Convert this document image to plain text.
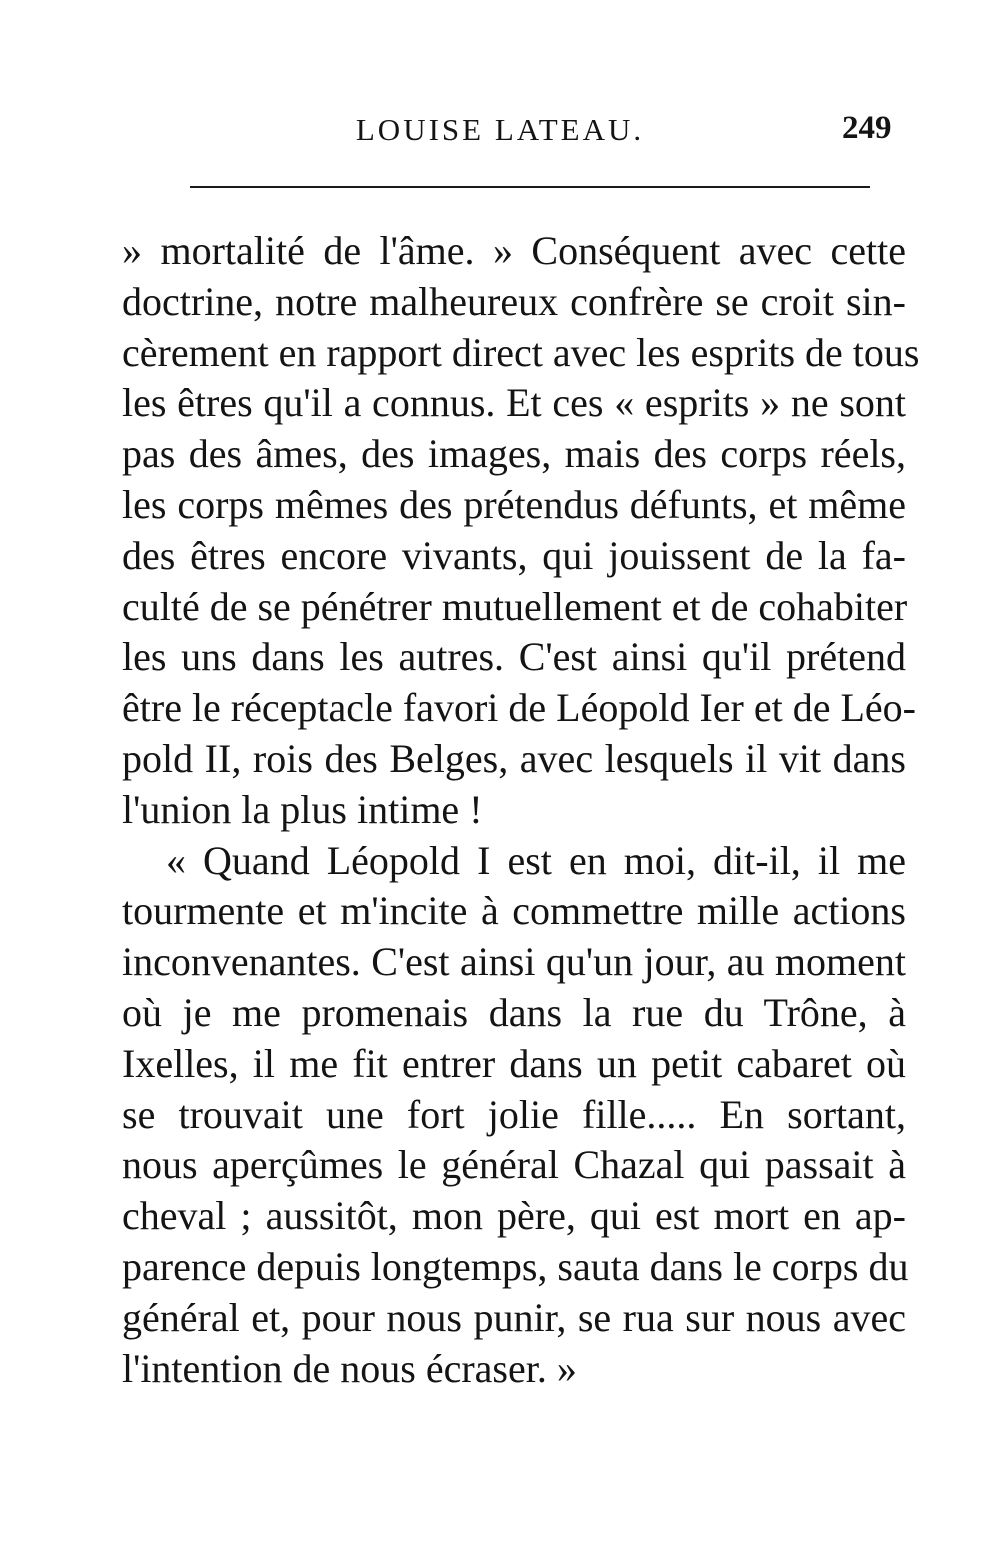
LOUISE LATEAU.	249
» mortalité de l'âme. » Conséquent avec cette
doctrine, notre malheureux confrère se croit sin-
cèrement en rapport direct avec les esprits de tous
les êtres qu'il a connus. Et ces « esprits » ne sont
pas des âmes, des images, mais des corps réels,
les corps mêmes des prétendus défunts, et même
des êtres encore vivants, qui jouissent de la fa-
culté de se pénétrer mutuellement et de cohabiter
les uns dans les autres. C'est ainsi qu'il prétend
être le réceptacle favori de Léopold Ier et de Léo-
pold II, rois des Belges, avec lesquels il vit dans
l'union la plus intime !
« Quand Léopold I est en moi, dit-il, il me
tourmente et m'incite à commettre mille actions
inconvenantes. C'est ainsi qu'un jour, au moment
où je me promenais dans la rue du Trône, à
Ixelles, il me fit entrer dans un petit cabaret où
se trouvait une fort jolie fille..... En sortant,
nous aperçûmes le général Chazal qui passait à
cheval ; aussitôt, mon père, qui est mort en ap-
parence depuis longtemps, sauta dans le corps du
général et, pour nous punir, se rua sur nous avec
l'intention de nous écraser. »
